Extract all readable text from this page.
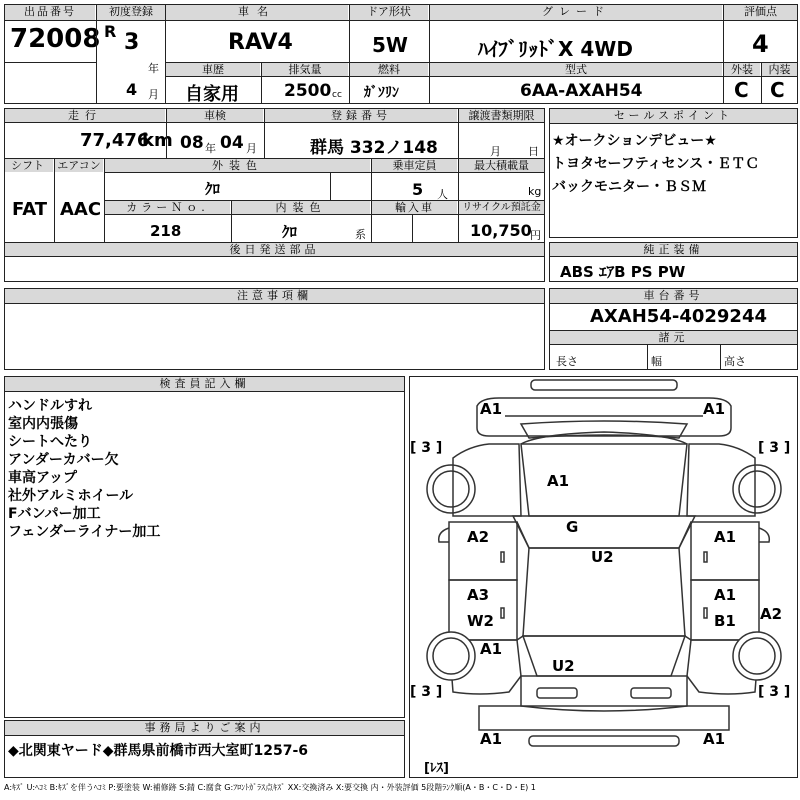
出品番号
72008
初度登録
R 3
年
4 月
車名
RAV4
ドア形状
5W
グレード
ﾊｲﾌﾞﾘｯﾄﾞX 4WD
評価点
4
車歴
自家用
排気量
2500 cc
燃料
ｶﾞｿﾘﾝ
型式
6AA-AXAH54
外装	内装
C C
走行
77,476
km
車検
08 年 04 月
登録番号
群馬 332ノ148
譲渡書類期限
月 日
シフト
FAT
エアコン
AAC
外装色
ｸﾛ
乗車定員
5 人
最大積載量
kg
カラーＮｏ.
218
内装色
ｸﾛ	系
輸入車	リサイクル預託金
10,750
円
後日発送部品
セールスポイント
★オークションデビュー★
トヨタセーフティセンス・ＥＴＣ
バックモニター・ＢＳＭ
純正装備
ABS ｴｱB PS PW
注意事項欄	車台番号
AXAH54-4029244
諸元
長さ	幅	高さ
検査員記入欄
ハンドルすれ
室内内張傷
シートへたり
アンダーカバー欠
車高アップ
社外アルミホイール
Fバンパー加工
フェンダーライナー加工
事務局よりご案内
◆北関東ヤード◆群馬県前橋市西大室町1257-6
A1	A1
[ 3 ]	[ 3 ]
A1
G
U2
A2	A1
A3
W2
A1
B1 A2
A1
U2
[ 3 ]	[ 3 ]
A1	A1
[ﾚｽ]
A:ｷｽﾞ U:ﾍｺﾐ B:ｷｽﾞを伴うﾍｺﾐ P:要塗装 W:補修跡 S:錆 C:腐食 G:ﾌﾛﾝﾄｶﾞﾗｽ点ｷｽﾞ XX:交換済み X:要交換 内・外装評価 5段階ﾗﾝｸ順(A・B・C・D・E) 1
